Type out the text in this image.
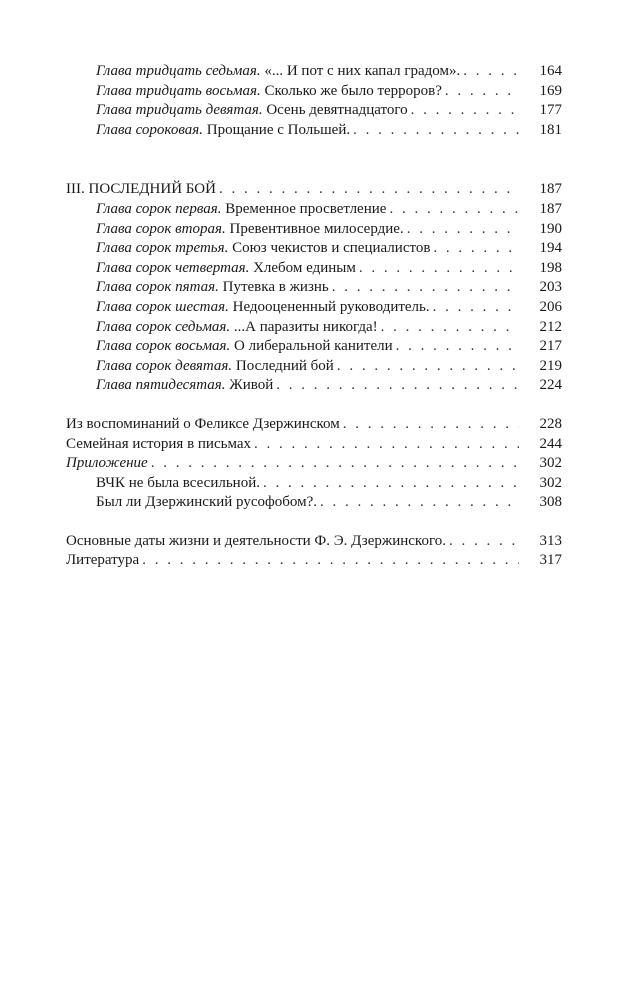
Глава тридцать седьмая. «... И пот с них капал градом». . . .	164
Глава тридцать восьмая. Сколько же было терроров? . . .	169
Глава тридцать девятая. Осень девятнадцатого . . .	177
Глава сороковая. Прощание с Польшей. . . .	181
III. ПОСЛЕДНИЙ БОЙ . . .	187
Глава сорок первая. Временное просветление . . .	187
Глава сорок вторая. Превентивное милосердие. . . .	190
Глава сорок третья. Союз чекистов и специалистов . . .	194
Глава сорок четвертая. Хлебом единым . . .	198
Глава сорок пятая. Путевка в жизнь . . .	203
Глава сорок шестая. Недооцененный руководитель. . . .	206
Глава сорок седьмая. ...А паразиты никогда! . . .	212
Глава сорок восьмая. О либеральной канители . . .	217
Глава сорок девятая. Последний бой . . .	219
Глава пятидесятая. Живой . . .	224
Из воспоминаний о Феликсе Дзержинском . . .	228
Семейная история в письмах . . .	244
Приложение . . .	302
ВЧК не была всесильной. . . .	302
Был ли Дзержинский русофобом?. . . .	308
Основные даты жизни и деятельности Ф. Э. Дзержинского. . . .	313
Литература . . .	317
